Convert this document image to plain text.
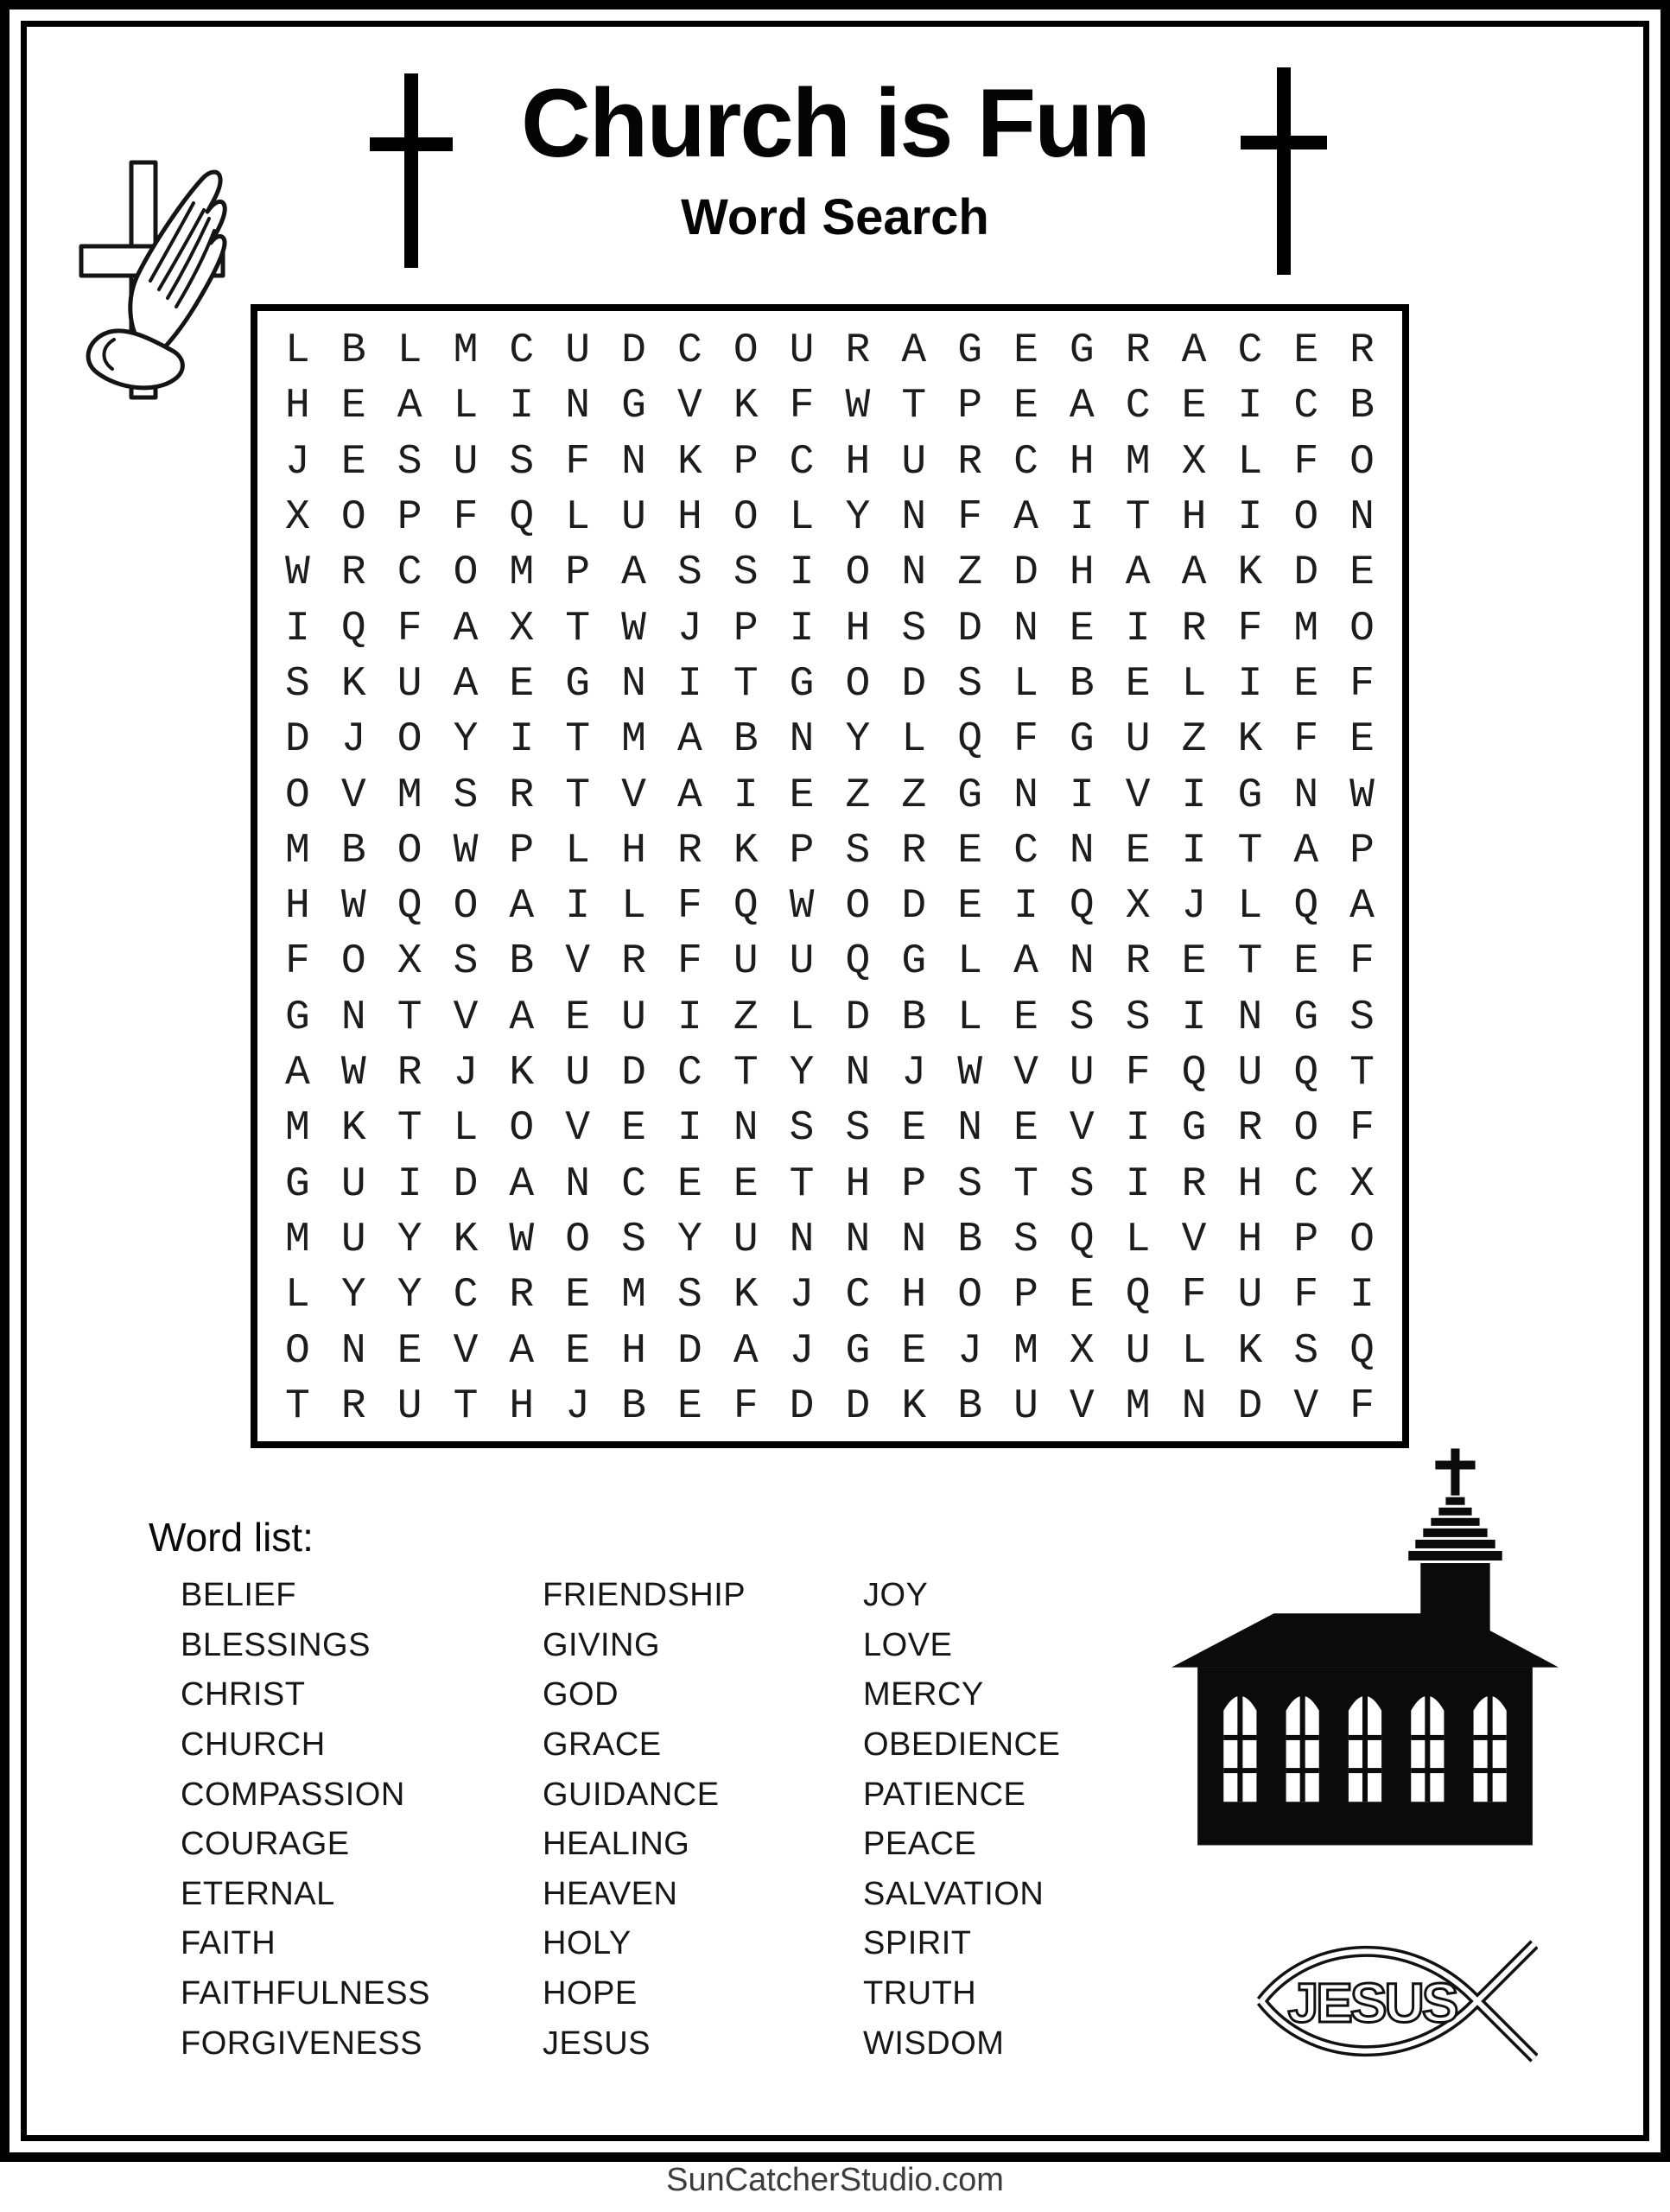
Church is Fun
Word Search
L B L M C U D C O U R A G E G R A C E R
H E A L I N G V K F W T P E A C E I C B
J E S U S F N K P C H U R C H M X L F O
X O P F Q L U H O L Y N F A I T H I O N
W R C O M P A S S I O N Z D H A A K D E
I Q F A X T W J P I H S D N E I R F M O
S K U A E G N I T G O D S L B E L I E F
D J O Y I T M A B N Y L Q F G U Z K F E
O V M S R T V A I E Z Z G N I V I G N W
M B O W P L H R K P S R E C N E I T A P
H W Q O A I L F Q W O D E I Q X J L Q A
F O X S B V R F U U Q G L A N R E T E F
G N T V A E U I Z L D B L E S S I N G S
A W R J K U D C T Y N J W V U F Q U Q T
M K T L O V E I N S S E N E V I G R O F
G U I D A N C E E T H P S T S I R H C X
M U Y K W O S Y U N N N B S Q L V H P O
L Y Y C R E M S K J C H O P E Q F U F I
O N E V A E H D A J G E J M X U L K S Q
T R U T H J B E F D D K B U V M N D V F
Word list:
BELIEF
BLESSINGS
CHRIST
CHURCH
COMPASSION
COURAGE
ETERNAL
FAITH
FAITHFULNESS
FORGIVENESS
FRIENDSHIP
GIVING
GOD
GRACE
GUIDANCE
HEALING
HEAVEN
HOLY
HOPE
JESUS
JOY
LOVE
MERCY
OBEDIENCE
PATIENCE
PEACE
SALVATION
SPIRIT
TRUTH
WISDOM
JESUS
SunCatcherStudio.com
